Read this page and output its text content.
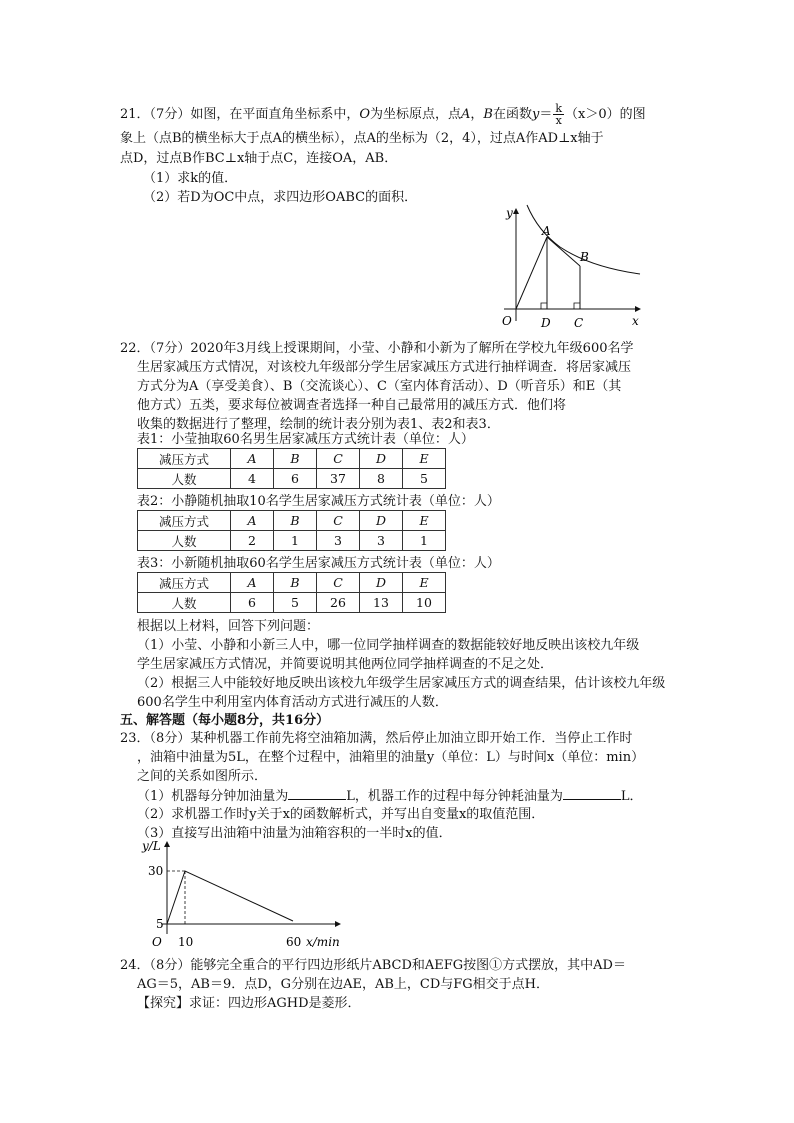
21．（7分）如图，在平面直角坐标系中，O为坐标原点，点A，B在函数$y= \frac{k}{x} (x>0)$的图
象上（点B的横坐标大于点A的横坐标），点A的坐标为（2，4），过点A作AD⊥x轴于
点D，过点B作BC⊥x轴于点C，连接OA，AB．
（1）求k的值．
（2）若D为OC中点，求四边形OABC的面积．
y
A
B
O D C	x
22．（7分）2020年3月线上授课期间，小莹、小静和小新为了解所在学校九年级600名学
生居家减压方式情况，对该校九年级部分学生居家减压方式进行抽样调查．将居家减压
方式分为A（享受美食）、B（交流谈心）、C（室内体育活动）、D（听音乐）和E（其
他方式）五类，要求每位被调查者选择一种自己最常用的减压方式．他们将
收集的数据进行了整理，绘制的统计表分别为表1、表2和表3．
表1：小莹抽取60名男生居家减压方式统计表（单位：人）
减压方式	A	B	C	D	E
人数	4	6	37	8	5
表2：小静随机抽取10名学生居家减压方式统计表（单位：人）
减压方式	A	B	C	D	E
人数	2	1	3	3	1
表3：小新随机抽取60名学生居家减压方式统计表（单位：人）
减压方式	A	B	C	D	E
人数	6	5	26	13	10
根据以上材料，回答下列问题：
（1）小莹、小静和小新三人中，哪一位同学抽样调查的数据能较好地反映出该校九年级
学生居家减压方式情况，并简要说明其他两位同学抽样调查的不足之处．
（2）根据三人中能较好地反映出该校九年级学生居家减压方式的调查结果，估计该校九年级
600名学生中利用室内体育活动方式进行减压的人数．
五、解答题（每小题8分，共16分）
23．（8分）某种机器工作前先将空油箱加满，然后停止加油立即开始工作．当停止工作时
，油箱中油量为5L，在整个过程中，油箱里的油量y（单位：L）与时间x（单位：min）
之间的关系如图所示．
（1）机器每分钟加油量为	L，机器工作的过程中每分钟耗油量为	L．
（2）求机器工作时y关于x的函数解析式，并写出自变量x的取值范围．
（3）直接写出油箱中油量为油箱容积的一半时x的值．
y/L
30
5
O 10	60 x/min
24．（8分）能够完全重合的平行四边形纸片ABCD和AEFG按图①方式摆放，其中AD＝
AG＝5，AB＝9．点D，G分别在边AE，AB上，CD与FG相交于点H．
【探究】求证：四边形AGHD是菱形．
